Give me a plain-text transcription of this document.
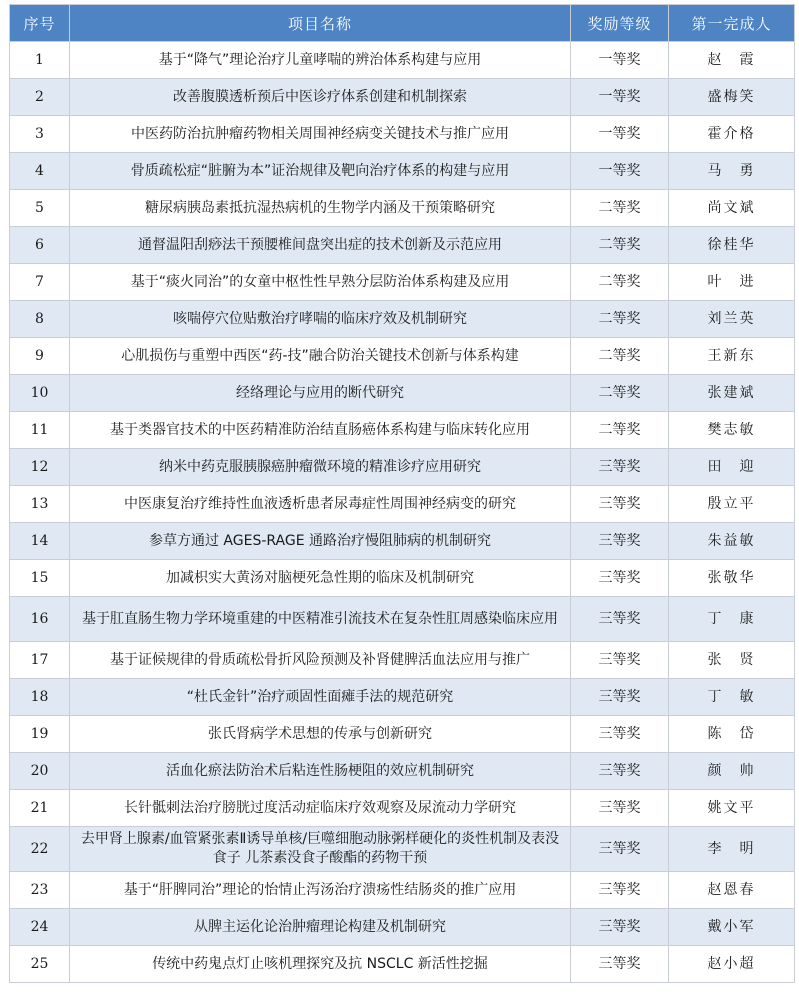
序号	项目名称	奖励等级	第一完成人
1	基于“降气”理论治疗儿童哮喘的辨治体系构建与应用	一等奖	赵　霞
2	改善腹膜透析预后中医诊疗体系创建和机制探索	一等奖	盛梅笑
3	中医药防治抗肿瘤药物相关周围神经病变关键技术与推广应用	一等奖	霍介格
4	骨质疏松症“脏腑为本”证治规律及靶向治疗体系的构建与应用	一等奖	马　勇
5	糖尿病胰岛素抵抗湿热病机的生物学内涵及干预策略研究	二等奖	尚文斌
6	通督温阳刮痧法干预腰椎间盘突出症的技术创新及示范应用	二等奖	徐桂华
7	基于“痰火同治”的女童中枢性性早熟分层防治体系构建及应用	二等奖	叶　进
8	咳喘停穴位贴敷治疗哮喘的临床疗效及机制研究	二等奖	刘兰英
9	心肌损伤与重塑中西医“药-技”融合防治关键技术创新与体系构建	二等奖	王新东
10	经络理论与应用的断代研究	二等奖	张建斌
11	基于类器官技术的中医药精准防治结直肠癌体系构建与临床转化应用	二等奖	樊志敏
12	纳米中药克服胰腺癌肿瘤微环境的精准诊疗应用研究	三等奖	田　迎
13	中医康复治疗维持性血液透析患者尿毒症性周围神经病变的研究	三等奖	殷立平
14	参草方通过 AGES-RAGE 通路治疗慢阻肺病的机制研究	三等奖	朱益敏
15	加减枳实大黄汤对脑梗死急性期的临床及机制研究	三等奖	张敬华
16	基于肛直肠生物力学环境重建的中医精准引流技术在复杂性肛周感染临床应用	三等奖	丁　康
17	基于证候规律的骨质疏松骨折风险预测及补肾健脾活血法应用与推广	三等奖	张　贤
18	“杜氏金针”治疗顽固性面瘫手法的规范研究	三等奖	丁　敏
19	张氏肾病学术思想的传承与创新研究	三等奖	陈　岱
20	活血化瘀法防治术后粘连性肠梗阻的效应机制研究	三等奖	颜　帅
21	长针骶刺法治疗膀胱过度活动症临床疗效观察及尿流动力学研究	三等奖	姚文平
22	去甲肾上腺素/血管紧张素Ⅱ诱导单核/巨噬细胞动脉粥样硬化的炎性机制及表没食子 儿茶素没食子酸酯的药物干预	三等奖	李　明
23	基于“肝脾同治”理论的怡情止泻汤治疗溃疡性结肠炎的推广应用	三等奖	赵恩春
24	从脾主运化论治肿瘤理论构建及机制研究	三等奖	戴小军
25	传统中药鬼点灯止咳机理探究及抗 NSCLC 新活性挖掘	三等奖	赵小超
